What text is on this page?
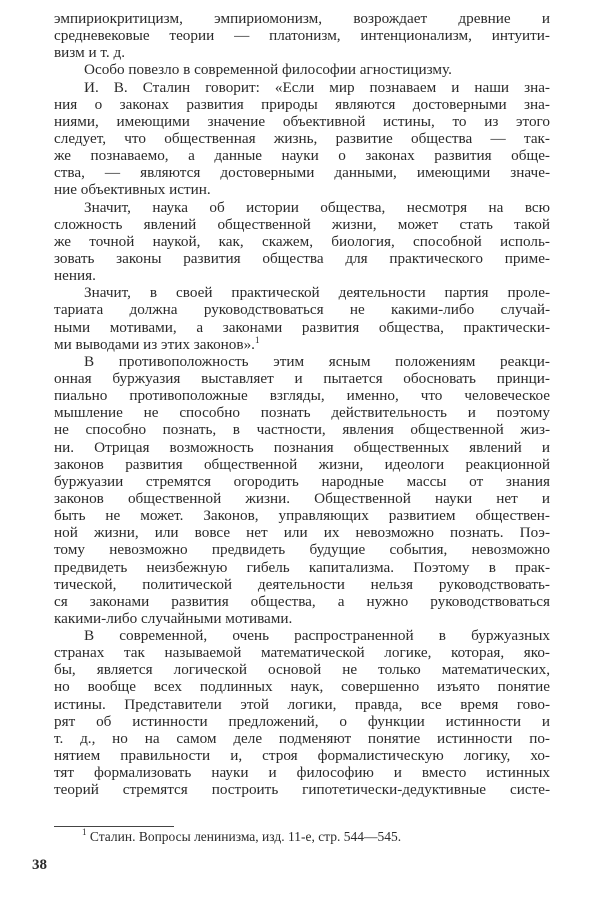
эмпириокритицизм, эмпириомонизм, возрождает древние и
средневековые теории — платонизм, интенционализм, интуити-
визм и т. д.
Особо повезло в современной философии агностицизму.
И. В. Сталин говорит: «Если мир познаваем и наши зна-
ния о законах развития природы являются достоверными зна-
ниями, имеющими значение объективной истины, то из этого
следует, что общественная жизнь, развитие общества — так-
же познаваемо, а данные науки о законах развития обще-
ства, — являются достоверными данными, имеющими значе-
ние объективных истин.
Значит, наука об истории общества, несмотря на всю
сложность явлений общественной жизни, может стать такой
же точной наукой, как, скажем, биология, способной исполь-
зовать законы развития общества для практического приме-
нения.
Значит, в своей практической деятельности партия проле-
тариата должна руководствоваться не какими-либо случай-
ными мотивами, а законами развития общества, практически-
ми выводами из этих законов».$^1$
В противоположность этим ясным положениям реакци-
онная буржуазия выставляет и пытается обосновать принци-
пиально противоположные взгляды, именно, что человеческое
мышление не способно познать действительность и поэтому
не способно познать, в частности, явления общественной жиз-
ни. Отрицая возможность познания общественных явлений и
законов развития общественной жизни, идеологи реакционной
буржуазии стремятся огородить народные массы от знания
законов общественной жизни. Общественной науки нет и
быть не может. Законов, управляющих развитием обществен-
ной жизни, или вовсе нет или их невозможно познать. Поэ-
тому невозможно предвидеть будущие события, невозможно
предвидеть неизбежную гибель капитализма. Поэтому в прак-
тической, политической деятельности нельзя руководствовать-
ся законами развития общества, а нужно руководствоваться
какими-либо случайными мотивами.
В современной, очень распространенной в буржуазных
странах так называемой математической логике, которая, яко-
бы, является логической основой не только математических,
но вообще всех подлинных наук, совершенно изъято понятие
истины. Представители этой логики, правда, все время гово-
рят об истинности предложений, о функции истинности и
т. д., но на самом деле подменяют понятие истинности по-
нятием правильности и, строя формалистическую логику, хо-
тят формализовать науки и философию и вместо истинных
теорий стремятся построить гипотетически-дедуктивные систе-
$^1$ Сталин. Вопросы ленинизма, изд. 11-е, стр. 544—545.
38
